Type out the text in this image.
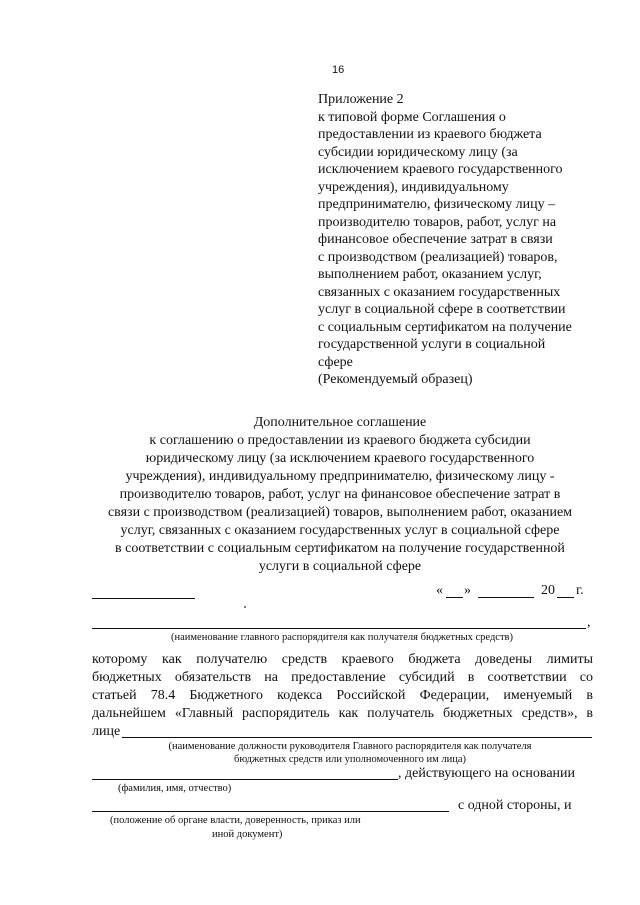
16
Приложение 2
к типовой форме Соглашения о
предоставлении из краевого бюджета
субсидии юридическому лицу (за
исключением краевого государственного
учреждения), индивидуальному
предпринимателю, физическому лицу –
производителю товаров, работ, услуг на
финансовое обеспечение затрат в связи
с производством (реализацией) товаров,
выполнением работ, оказанием услуг,
связанных с оказанием государственных
услуг в социальной сфере в соответствии
с социальным сертификатом на получение
государственной услуги в социальной
сфере
(Рекомендуемый образец)
Дополнительное соглашение
к соглашению о предоставлении из краевого бюджета субсидии
юридическому лицу (за исключением краевого государственного
учреждения), индивидуальному предпринимателю, физическому лицу -
производителю товаров, работ, услуг на финансовое обеспечение затрат в
связи с производством (реализацией) товаров, выполнением работ, оказанием
услуг, связанных с оказанием государственных услуг в социальной сфере
в соответствии с социальным сертификатом на получение государственной
услуги в социальной сфере
« »	20 г.
,
(наименование главного распорядителя как получателя бюджетных средств)
которому как получателю средств краевого бюджета доведены лимиты
бюджетных обязательств на предоставление субсидий в соответствии со
статьей 78.4 Бюджетного кодекса Российской Федерации, именуемый в
дальнейшем «Главный распорядитель как получатель бюджетных средств», в
лице
(наименование должности руководителя Главного распорядителя как получателя
бюджетных средств или уполномоченного им лица)
, действующего на основании
(фамилия, имя, отчество)
с одной стороны, и
(положение об органе власти, доверенность, приказ или
иной документ)
